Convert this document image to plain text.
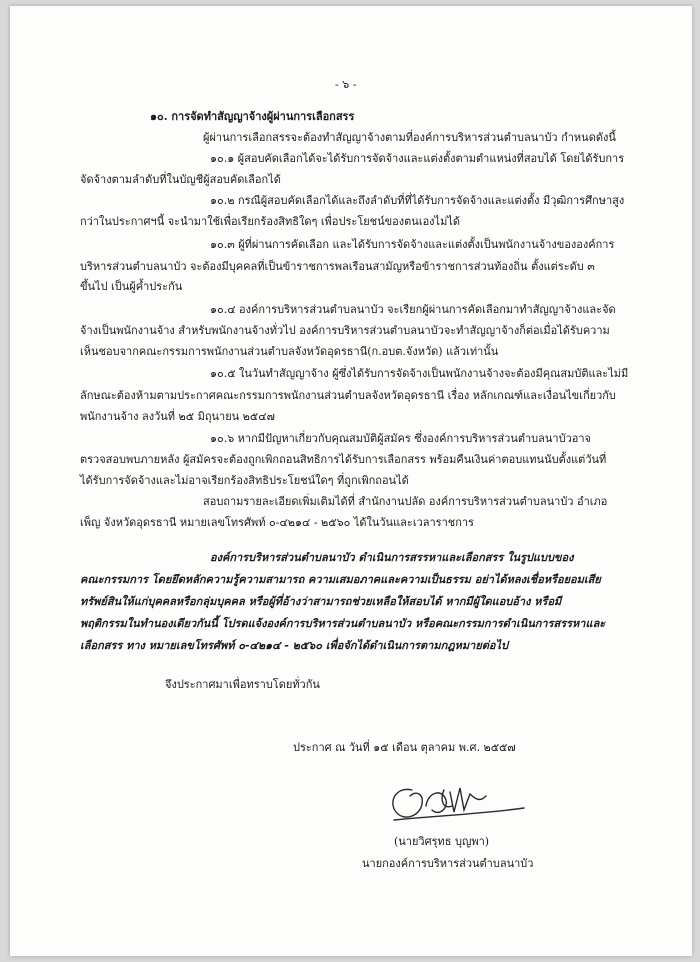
- ๖ -
๑๐. การจัดทำสัญญาจ้างผู้ผ่านการเลือกสรร
ผู้ผ่านการเลือกสรรจะต้องทำสัญญาจ้างตามที่องค์การบริหารส่วนตำบลนาบัว กำหนดดังนี้
๑๐.๑ ผู้สอบคัดเลือกได้จะได้รับการจัดจ้างและแต่งตั้งตามตำแหน่งที่สอบได้ โดยได้รับการ
จัดจ้างตามลำดับที่ในบัญชีผู้สอบคัดเลือกได้
๑๐.๒ กรณีผู้สอบคัดเลือกได้และถึงลำดับที่ที่ได้รับการจัดจ้างและแต่งตั้ง มีวุฒิการศึกษาสูง
กว่าในประกาศฯนี้ จะนำมาใช้เพื่อเรียกร้องสิทธิใดๆ เพื่อประโยชน์ของตนเองไม่ได้
๑๐.๓ ผู้ที่ผ่านการคัดเลือก และได้รับการจัดจ้างและแต่งตั้งเป็นพนักงานจ้างขององค์การ
บริหารส่วนตำบลนาบัว จะต้องมีบุคคลที่เป็นข้าราชการพลเรือนสามัญหรือข้าราชการส่วนท้องถิ่น ตั้งแต่ระดับ ๓
ขึ้นไป เป็นผู้ค้ำประกัน
๑๐.๔ องค์การบริหารส่วนตำบลนาบัว จะเรียกผู้ผ่านการคัดเลือกมาทำสัญญาจ้างและจัด
จ้างเป็นพนักงานจ้าง สำหรับพนักงานจ้างทั่วไป องค์การบริหารส่วนตำบลนาบัวจะทำสัญญาจ้างก็ต่อเมื่อได้รับความ
เห็นชอบจากคณะกรรมการพนักงานส่วนตำบลจังหวัดอุดรธานี(ก.อบต.จังหวัด) แล้วเท่านั้น
๑๐.๕ ในวันทำสัญญาจ้าง ผู้ซึ่งได้รับการจัดจ้างเป็นพนักงานจ้างจะต้องมีคุณสมบัติและไม่มี
ลักษณะต้องห้ามตามประกาศคณะกรรมการพนักงานส่วนตำบลจังหวัดอุดรธานี เรื่อง หลักเกณฑ์และเงื่อนไขเกี่ยวกับ
พนักงานจ้าง ลงวันที่ ๒๕ มิถุนายน ๒๕๔๗
๑๐.๖ หากมีปัญหาเกี่ยวกับคุณสมบัติผู้สมัคร ซึ่งองค์การบริหารส่วนตำบลนาบัวอาจ
ตรวจสอบพบภายหลัง ผู้สมัครจะต้องถูกเพิกถอนสิทธิการได้รับการเลือกสรร พร้อมคืนเงินค่าตอบแทนนับตั้งแต่วันที่
ได้รับการจัดจ้างและไม่อาจเรียกร้องสิทธิประโยชน์ใดๆ ที่ถูกเพิกถอนได้
สอบถามรายละเอียดเพิ่มเติมได้ที่ สำนักงานปลัด องค์การบริหารส่วนตำบลนาบัว อำเภอ
เพ็ญ จังหวัดอุดรธานี หมายเลขโทรศัพท์ ๐-๔๒๑๔ - ๒๕๖๐ ได้ในวันและเวลาราชการ
องค์การบริหารส่วนตำบลนาบัว ดำเนินการสรรหาและเลือกสรร ในรูปแบบของ
คณะกรรมการ โดยยึดหลักความรู้ความสามารถ ความเสมอภาคและความเป็นธรรม อย่าได้หลงเชื่อหรือยอมเสีย
ทรัพย์สินให้แก่บุคคลหรือกลุ่มบุคคล หรือผู้ที่อ้างว่าสามารถช่วยเหลือให้สอบได้ หากมีผู้ใดแอบอ้าง หรือมี
พฤติกรรมในทำนองเดียวกันนี้ โปรดแจ้งองค์การบริหารส่วนตำบลนาบัว หรือคณะกรรมการดำเนินการสรรหาและ
เลือกสรร ทาง หมายเลขโทรศัพท์ ๐-๔๒๑๔ - ๒๕๖๐ เพื่อจักได้ดำเนินการตามกฎหมายต่อไป
จึงประกาศมาเพื่อทราบโดยทั่วกัน
ประกาศ ณ วันที่ ๑๕ เดือน ตุลาคม พ.ศ. ๒๕๕๗
(นายวิศรุทธ บุญพา)
นายกองค์การบริหารส่วนตำบลนาบัว
